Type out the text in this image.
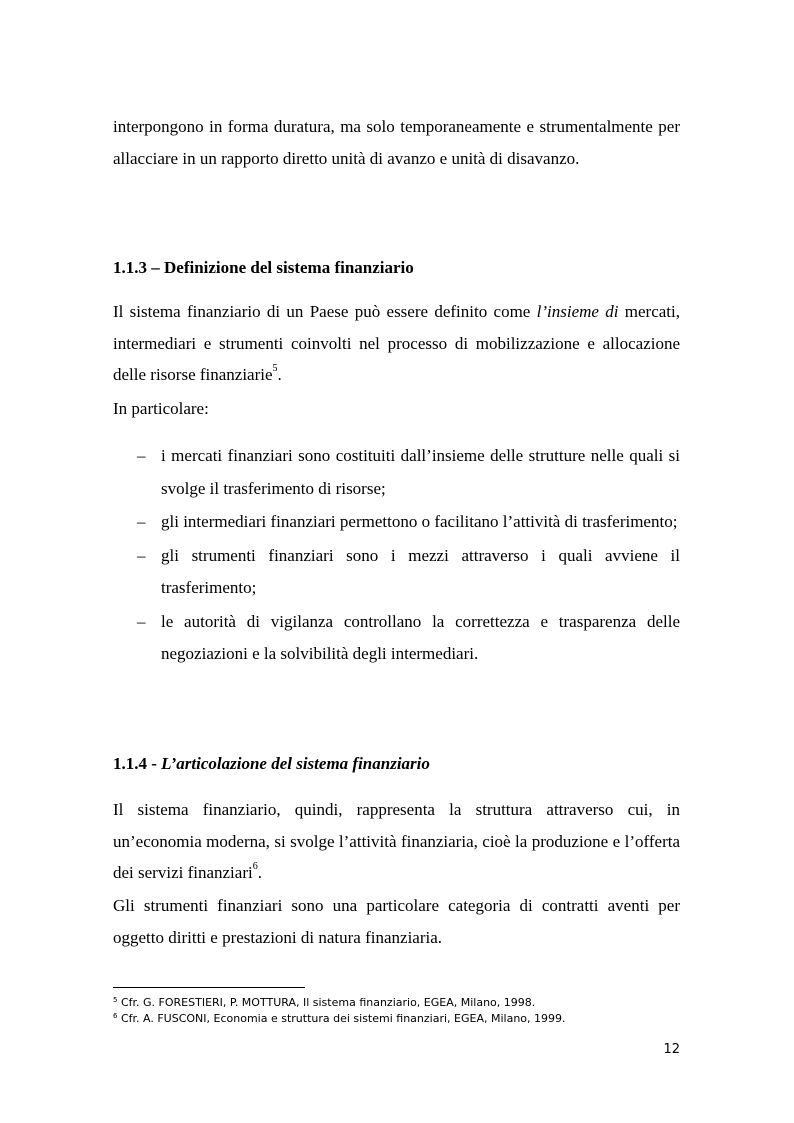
interpongono in forma duratura, ma solo temporaneamente e strumentalmente per allacciare in un rapporto diretto unità di avanzo e unità di disavanzo.

1.1.3 – Definizione del sistema finanziario

Il sistema finanziario di un Paese può essere definito come l’insieme di mercati, intermediari e strumenti coinvolti nel processo di mobilizzazione e allocazione delle risorse finanziarie$^5$.

In particolare:

– i mercati finanziari sono costituiti dall’insieme delle strutture nelle quali si svolge il trasferimento di risorse;
– gli intermediari finanziari permettono o facilitano l’attività di trasferimento;
– gli strumenti finanziari sono i mezzi attraverso i quali avviene il trasferimento;
– le autorità di vigilanza controllano la correttezza e trasparenza delle negoziazioni e la solvibilità degli intermediari.
1.1.4 - L’articolazione del sistema finanziario

Il sistema finanziario, quindi, rappresenta la struttura attraverso cui, in un’economia moderna, si svolge l’attività finanziaria, cioè la produzione e l’offerta dei servizi finanziari$^6$.

Gli strumenti finanziari sono una particolare categoria di contratti aventi per oggetto diritti e prestazioni di natura finanziaria.

$^5$ Cfr. G. FORESTIERI, P. MOTTURA, Il sistema finanziario, EGEA, Milano, 1998.
$^6$ Cfr. A. FUSCONI, Economia e struttura dei sistemi finanziari, EGEA, Milano, 1999.
12
